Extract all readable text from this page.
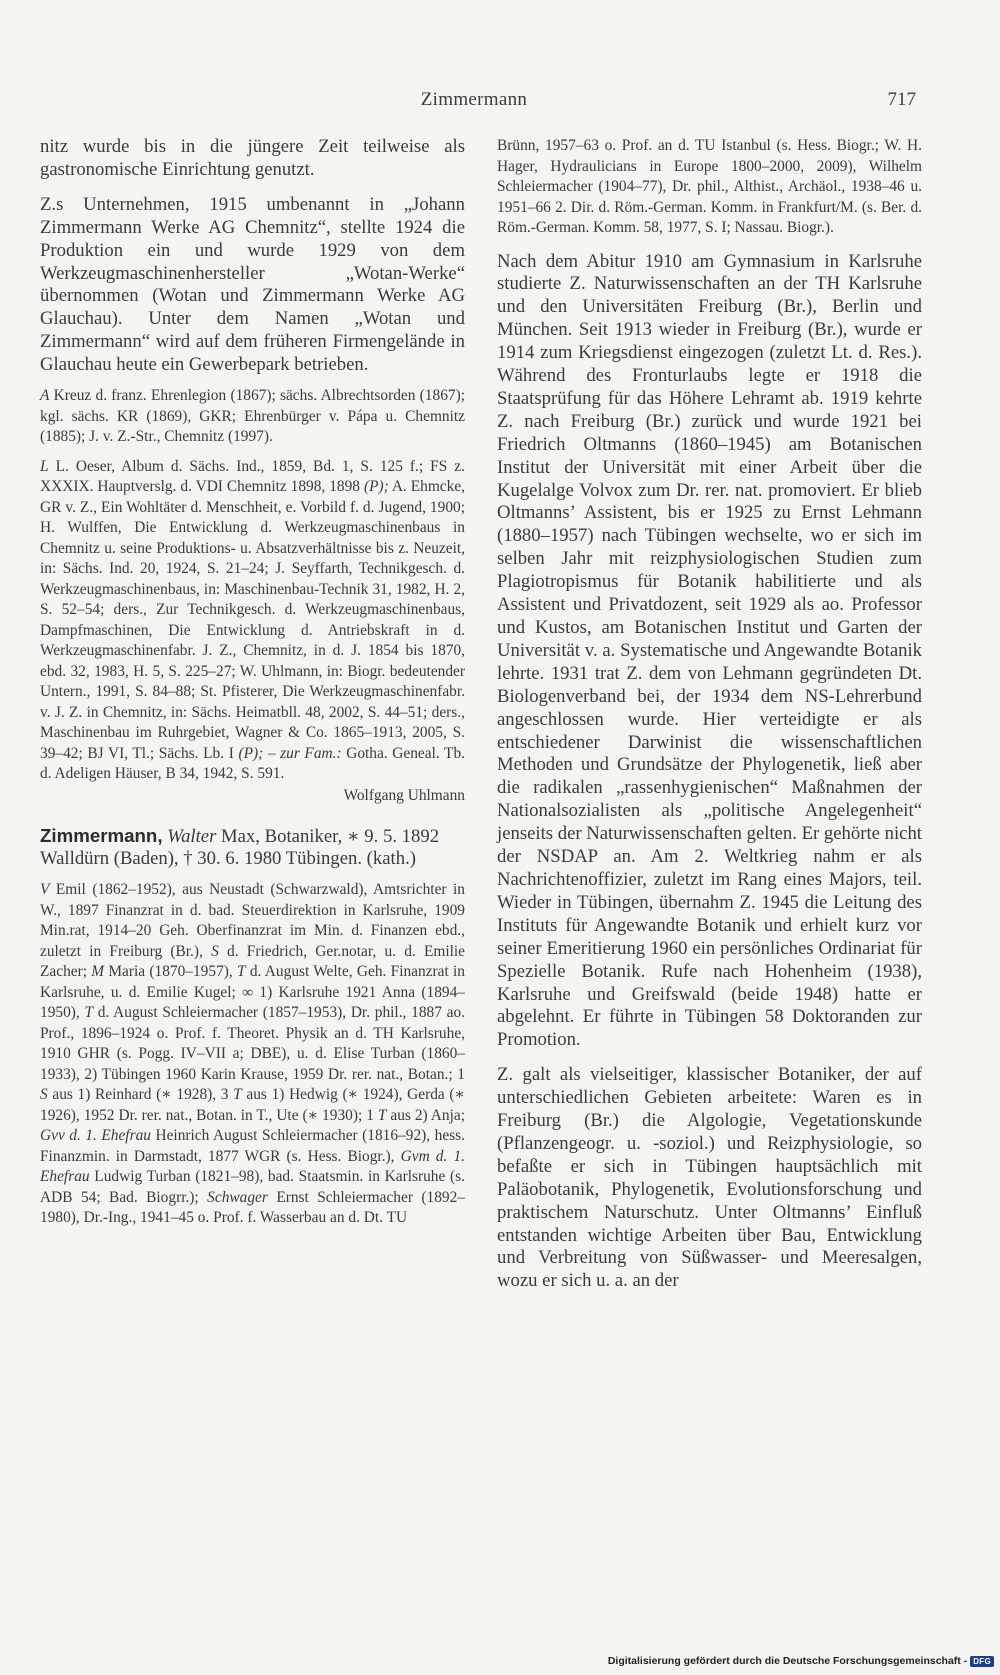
Zimmermann	717

nitz wurde bis in die jüngere Zeit teilweise als gastronomische Einrichtung genutzt.

Z.s Unternehmen, 1915 umbenannt in „Johann Zimmermann Werke AG Chemnitz“, stellte 1924 die Produktion ein und wurde 1929 von dem Werkzeugmaschinenhersteller „Wotan-Werke“ übernommen (Wotan und Zimmermann Werke AG Glauchau). Unter dem Namen „Wotan und Zimmermann“ wird auf dem früheren Firmengelände in Glauchau heute ein Gewerbepark betrieben.

A Kreuz d. franz. Ehrenlegion (1867); sächs. Albrechtsorden (1867); kgl. sächs. KR (1869), GKR; Ehrenbürger v. Pápa u. Chemnitz (1885); J. v. Z.-Str., Chemnitz (1997).

L L. Oeser, Album d. Sächs. Ind., 1859, Bd. 1, S. 125 f.; FS z. XXXIX. Hauptverslg. d. VDI Chemnitz 1898, 1898 (P); A. Ehmcke, GR v. Z., Ein Wohltäter d. Menschheit, e. Vorbild f. d. Jugend, 1900; H. Wulffen, Die Entwicklung d. Werkzeugmaschinenbaus in Chemnitz u. seine Produktions- u. Absatzverhältnisse bis z. Neuzeit, in: Sächs. Ind. 20, 1924, S. 21–24; J. Seyffarth, Technikgesch. d. Werkzeugmaschinenbaus, in: Maschinenbau-Technik 31, 1982, H. 2, S. 52–54; ders., Zur Technikgesch. d. Werkzeugmaschinenbaus, Dampfmaschinen, Die Entwicklung d. Antriebskraft in d. Werkzeugmaschinenfabr. J. Z., Chemnitz, in d. J. 1854 bis 1870, ebd. 32, 1983, H. 5, S. 225–27; W. Uhlmann, in: Biogr. bedeutender Untern., 1991, S. 84–88; St. Pfisterer, Die Werkzeugmaschinenfabr. v. J. Z. in Chemnitz, in: Sächs. Heimatbll. 48, 2002, S. 44–51; ders., Maschinenbau im Ruhrgebiet, Wagner & Co. 1865–1913, 2005, S. 39–42; BJ VI, Tl.; Sächs. Lb. I (P); – zur Fam.: Gotha. Geneal. Tb. d. Adeligen Häuser, B 34, 1942, S. 591.

Wolfgang Uhlmann

Zimmermann, Walter Max, Botaniker, ∗ 9. 5. 1892 Walldürn (Baden), † 30. 6. 1980 Tübingen. (kath.)

V Emil (1862–1952), aus Neustadt (Schwarzwald), Amtsrichter in W., 1897 Finanzrat in d. bad. Steuerdirektion in Karlsruhe, 1909 Min.rat, 1914–20 Geh. Oberfinanzrat im Min. d. Finanzen ebd., zuletzt in Freiburg (Br.), S d. Friedrich, Ger.notar, u. d. Emilie Zacher; M Maria (1870–1957), T d. August Welte, Geh. Finanzrat in Karlsruhe, u. d. Emilie Kugel; ∞ 1) Karlsruhe 1921 Anna (1894–1950), T d. August Schleiermacher (1857–1953), Dr. phil., 1887 ao. Prof., 1896–1924 o. Prof. f. Theoret. Physik an d. TH Karlsruhe, 1910 GHR (s. Pogg. IV–VII a; DBE), u. d. Elise Turban (1860–1933), 2) Tübingen 1960 Karin Krause, 1959 Dr. rer. nat., Botan.; 1 S aus 1) Reinhard (∗ 1928), 3 T aus 1) Hedwig (∗ 1924), Gerda (∗ 1926), 1952 Dr. rer. nat., Botan. in T., Ute (∗ 1930); 1 T aus 2) Anja; Gvv d. 1. Ehefrau Heinrich August Schleiermacher (1816–92), hess. Finanzmin. in Darmstadt, 1877 WGR (s. Hess. Biogr.), Gvm d. 1. Ehefrau Ludwig Turban (1821–98), bad. Staatsmin. in Karlsruhe (s. ADB 54; Bad. Biogrr.); Schwager Ernst Schleiermacher (1892–1980), Dr.-Ing., 1941–45 o. Prof. f. Wasserbau an d. Dt. TU

Brünn, 1957–63 o. Prof. an d. TU Istanbul (s. Hess. Biogr.; W. H. Hager, Hydraulicians in Europe 1800–2000, 2009), Wilhelm Schleiermacher (1904–77), Dr. phil., Althist., Archäol., 1938–46 u. 1951–66 2. Dir. d. Röm.-German. Komm. in Frankfurt/M. (s. Ber. d. Röm.-German. Komm. 58, 1977, S. I; Nassau. Biogr.).

Nach dem Abitur 1910 am Gymnasium in Karlsruhe studierte Z. Naturwissenschaften an der TH Karlsruhe und den Universitäten Freiburg (Br.), Berlin und München. Seit 1913 wieder in Freiburg (Br.), wurde er 1914 zum Kriegsdienst eingezogen (zuletzt Lt. d. Res.). Während des Fronturlaubs legte er 1918 die Staatsprüfung für das Höhere Lehramt ab. 1919 kehrte Z. nach Freiburg (Br.) zurück und wurde 1921 bei Friedrich Oltmanns (1860–1945) am Botanischen Institut der Universität mit einer Arbeit über die Kugelalge Volvox zum Dr. rer. nat. promoviert. Er blieb Oltmanns’ Assistent, bis er 1925 zu Ernst Lehmann (1880–1957) nach Tübingen wechselte, wo er sich im selben Jahr mit reizphysiologischen Studien zum Plagiotropismus für Botanik habilitierte und als Assistent und Privatdozent, seit 1929 als ao. Professor und Kustos, am Botanischen Institut und Garten der Universität v. a. Systematische und Angewandte Botanik lehrte. 1931 trat Z. dem von Lehmann gegründeten Dt. Biologenverband bei, der 1934 dem NS-Lehrerbund angeschlossen wurde. Hier verteidigte er als entschiedener Darwinist die wissenschaftlichen Methoden und Grundsätze der Phylogenetik, ließ aber die radikalen „rassenhygienischen“ Maßnahmen der Nationalsozialisten als „politische Angelegenheit“ jenseits der Naturwissenschaften gelten. Er gehörte nicht der NSDAP an. Am 2. Weltkrieg nahm er als Nachrichtenoffizier, zuletzt im Rang eines Majors, teil. Wieder in Tübingen, übernahm Z. 1945 die Leitung des Instituts für Angewandte Botanik und erhielt kurz vor seiner Emeritierung 1960 ein persönliches Ordinariat für Spezielle Botanik. Rufe nach Hohenheim (1938), Karlsruhe und Greifswald (beide 1948) hatte er abgelehnt. Er führte in Tübingen 58 Doktoranden zur Promotion.

Z. galt als vielseitiger, klassischer Botaniker, der auf unterschiedlichen Gebieten arbeitete: Waren es in Freiburg (Br.) die Algologie, Vegetationskunde (Pflanzengeogr. u. -soziol.) und Reizphysiologie, so befaßte er sich in Tübingen hauptsächlich mit Paläobotanik, Phylogenetik, Evolutionsforschung und praktischem Naturschutz. Unter Oltmanns’ Einfluß entstanden wichtige Arbeiten über Bau, Entwicklung und Verbreitung von Süßwasser- und Meeresalgen, wozu er sich u. a. an der

Digitalisierung gefördert durch die Deutsche Forschungsgemeinschaft - DFG
